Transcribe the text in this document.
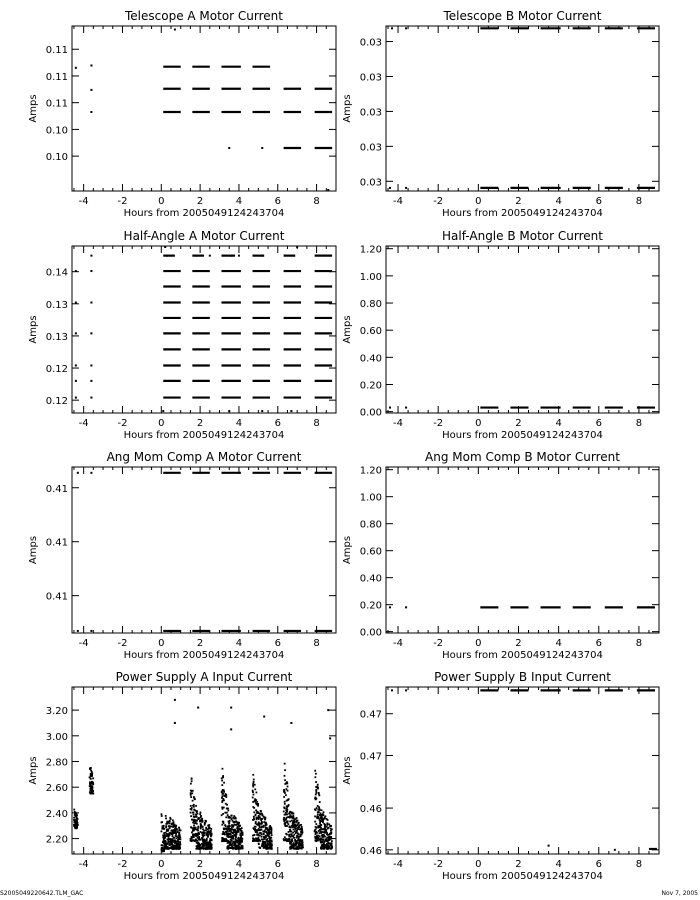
Telescope A Motor Current
-4	-2	0	2	4	6	8
0.10
0.10
0.11
0.11
0.11
Hours from 2005049124243704
Amps
Telescope B Motor Current
-4	-2	0	2	4	6	8
0.03
0.03
0.03
0.03
0.03
Hours from 2005049124243704
Amps
Half-Angle A Motor Current
-4	-2	0	2	4	6	8
0.12
0.12
0.13
0.13
0.14
Hours from 2005049124243704
Amps
Half-Angle B Motor Current
-4	-2	0	2	4	6	8
0.00
0.20
0.40
0.60
0.80
1.00
1.20
Hours from 2005049124243704
Amps
Ang Mom Comp A Motor Current
-4	-2	0	2	4	6	8
0.41
0.41
0.41
Hours from 2005049124243704
Amps
Ang Mom Comp B Motor Current
-4	-2	0	2	4	6	8
0.00
0.20
0.40
0.60
0.80
1.00
1.20
Hours from 2005049124243704
Amps
Power Supply A Input Current
-4	-2	0	2	4	6	8
2.20
2.40
2.60
2.80
3.00
3.20
Hours from 2005049124243704
Amps
Power Supply B Input Current
-4	-2	0	2	4	6	8
0.46
0.46
0.47
0.47
Hours from 2005049124243704
Amps
S2005049220642.TLM_GAC	Nov 7, 2005
